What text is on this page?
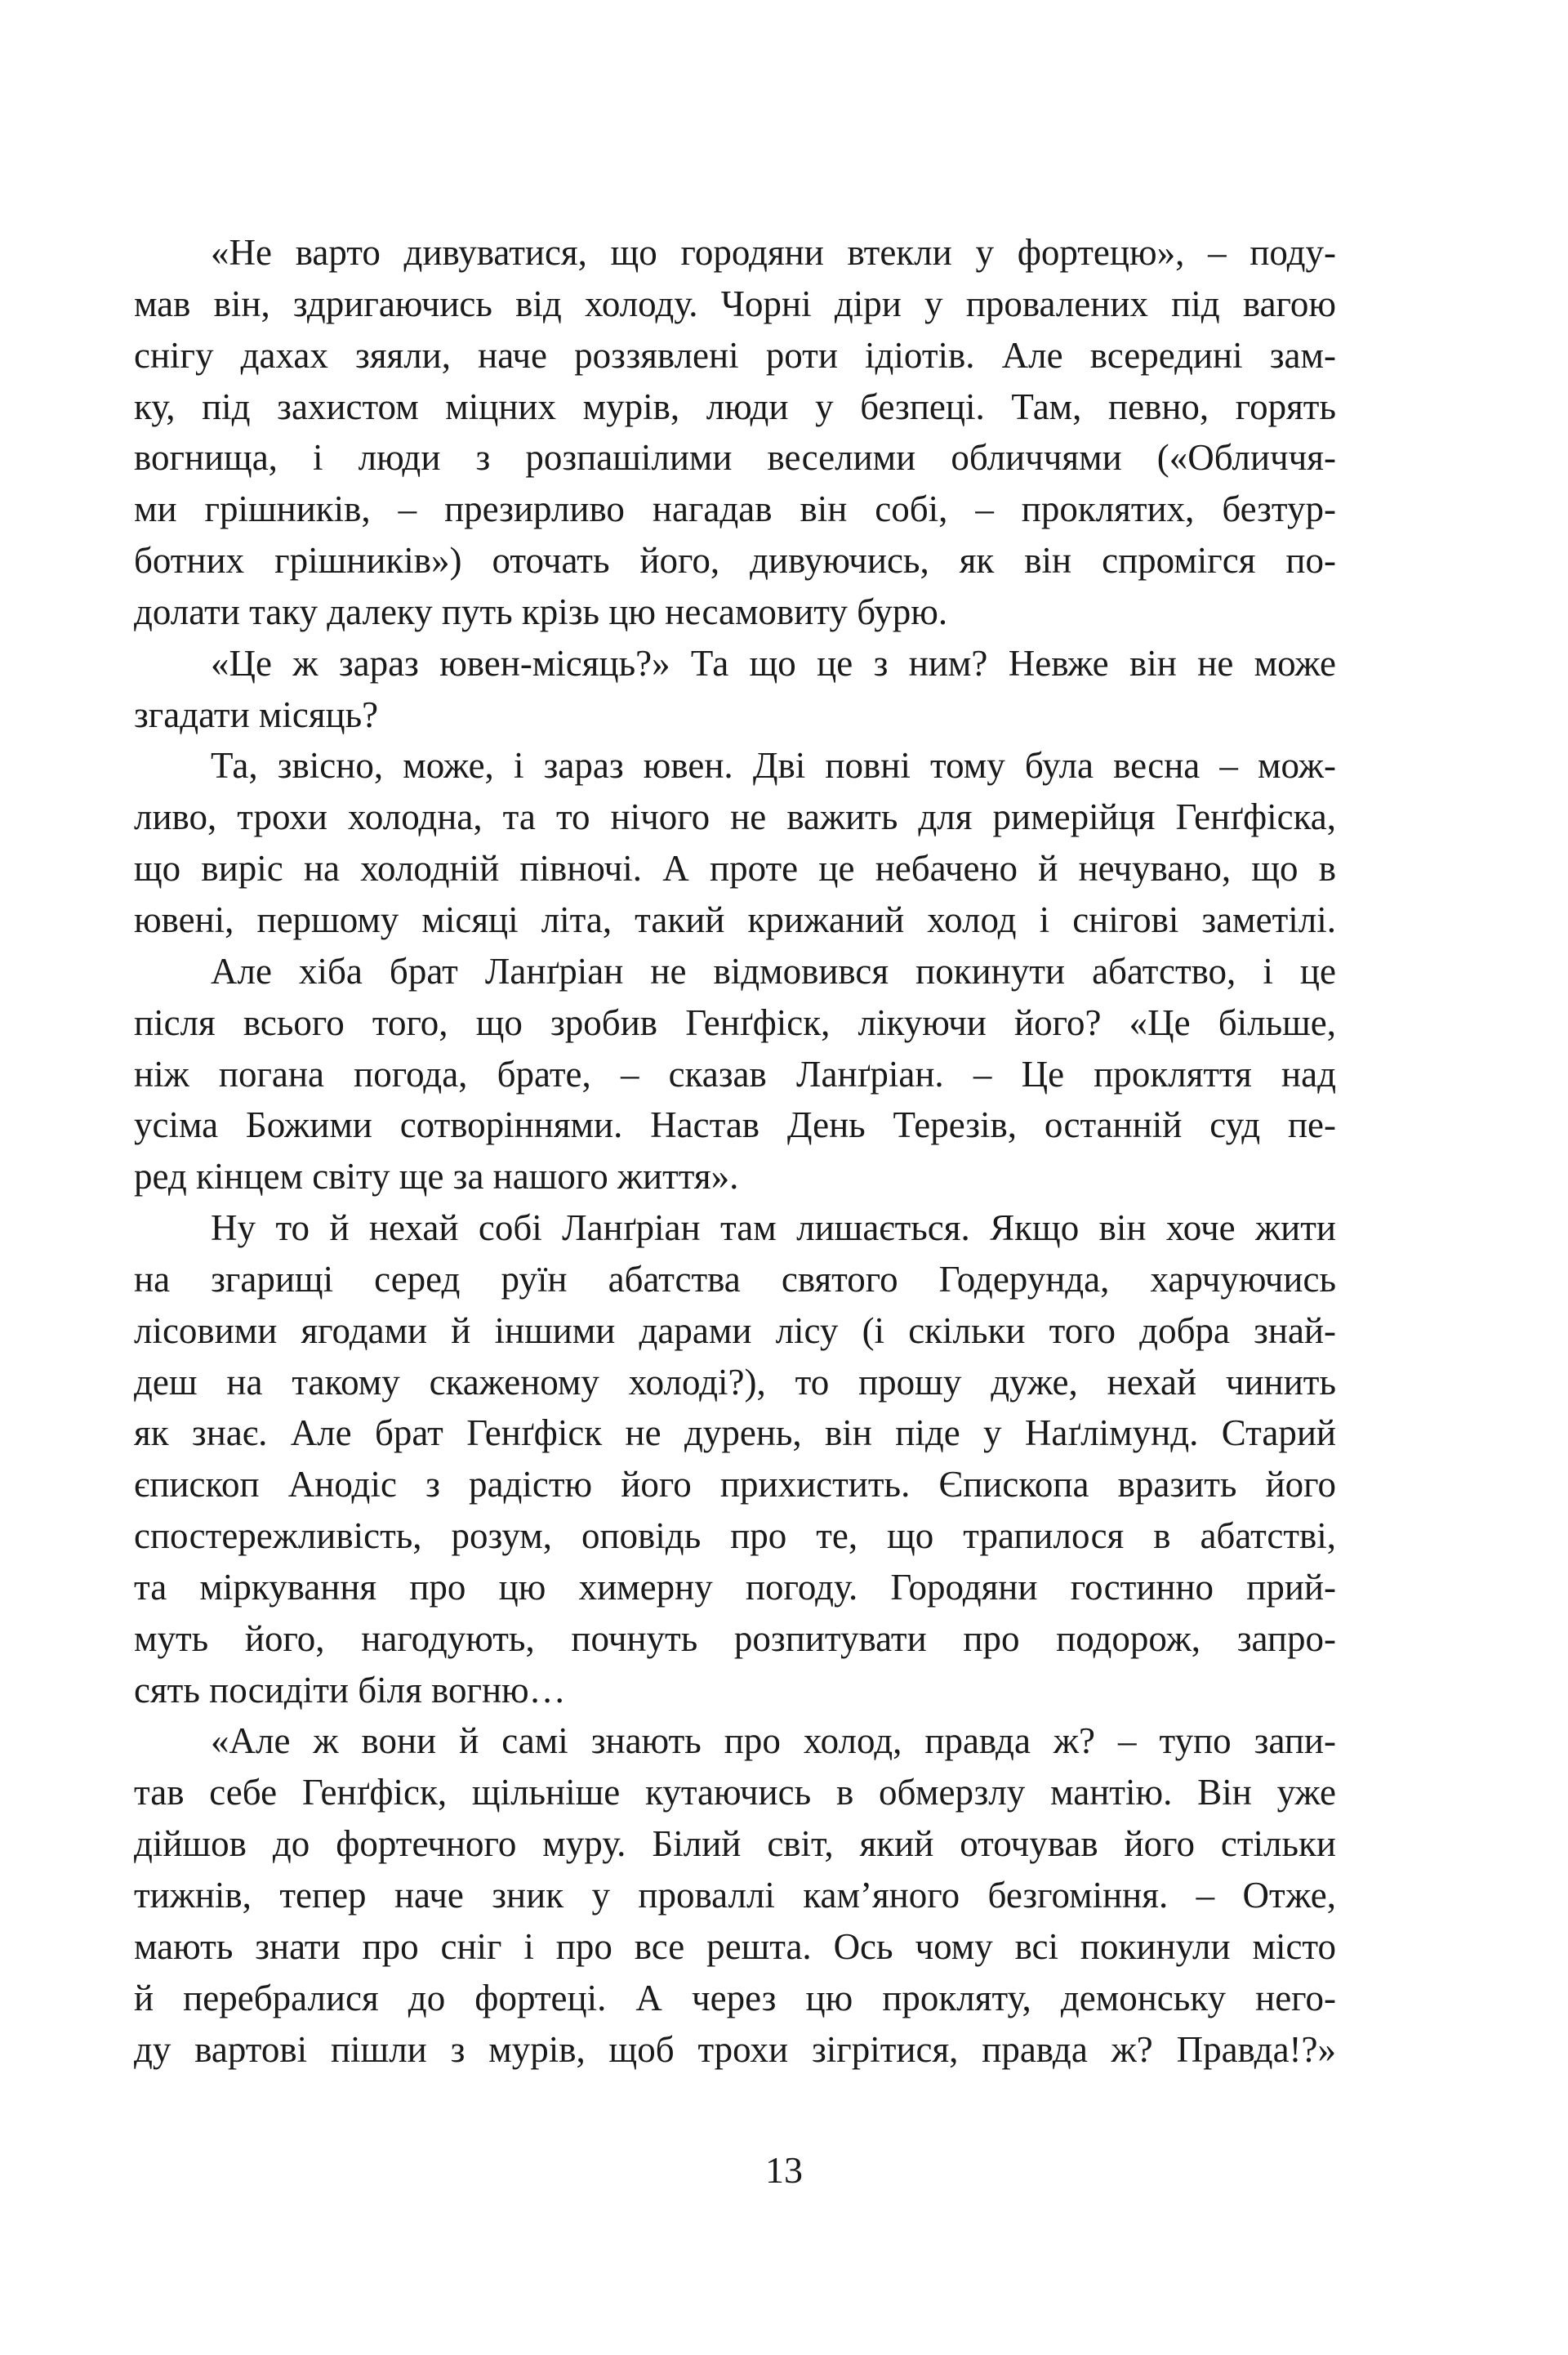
«Не варто дивуватися, що городяни втекли у фортецю», – поду-
мав він, здригаючись від холоду. Чорні діри у провалених під вагою
снігу дахах зяяли, наче роззявлені роти ідіотів. Але всередині зам-
ку, під захистом міцних мурів, люди у безпеці. Там, певно, горять
вогнища, і люди з розпашілими веселими обличчями («Обличчя-
ми грішників, – презирливо нагадав він собі, – проклятих, безтур-
ботних грішників») оточать його, дивуючись, як він спромігся по-
долати таку далеку путь крізь цю несамовиту бурю.
«Це ж зараз ювен-місяць?» Та що це з ним? Невже він не може
згадати місяць?
Та, звісно, може, і зараз ювен. Дві повні тому була весна – мож-
ливо, трохи холодна, та то нічого не важить для римерійця Генґфіска,
що виріс на холодній півночі. А проте це небачено й нечувано, що в
ювені, першому місяці літа, такий крижаний холод і снігові заметілі.
Але хіба брат Ланґріан не відмовився покинути абатство, і це
після всього того, що зробив Генґфіск, лікуючи його? «Це більше,
ніж погана погода, брате, – сказав Ланґріан. – Це прокляття над
усіма Божими сотворіннями. Настав День Терезів, останній суд пе-
ред кінцем світу ще за нашого життя».
Ну то й нехай собі Ланґріан там лишається. Якщо він хоче жити
на згарищі серед руїн абатства святого Годерунда, харчуючись
лісовими ягодами й іншими дарами лісу (і скільки того добра знай-
деш на такому скаженому холоді?), то прошу дуже, нехай чинить
як знає. Але брат Генґфіск не дурень, він піде у Наґлімунд. Старий
єпископ Анодіс з радістю його прихистить. Єпископа вразить його
спостережливість, розум, оповідь про те, що трапилося в абатстві,
та міркування про цю химерну погоду. Городяни гостинно прий-
муть його, нагодують, почнуть розпитувати про подорож, запро-
сять посидіти біля вогню…
«Але ж вони й самі знають про холод, правда ж? – тупо запи-
тав себе Генґфіск, щільніше кутаючись в обмерзлу мантію. Він уже
дійшов до фортечного муру. Білий світ, який оточував його стільки
тижнів, тепер наче зник у проваллі кам’яного безгоміння. – Отже,
мають знати про сніг і про все решта. Ось чому всі покинули місто
й перебралися до фортеці. А через цю прокляту, демонську него-
ду вартові пішли з мурів, щоб трохи зігрітися, правда ж? Правда!?»
13
